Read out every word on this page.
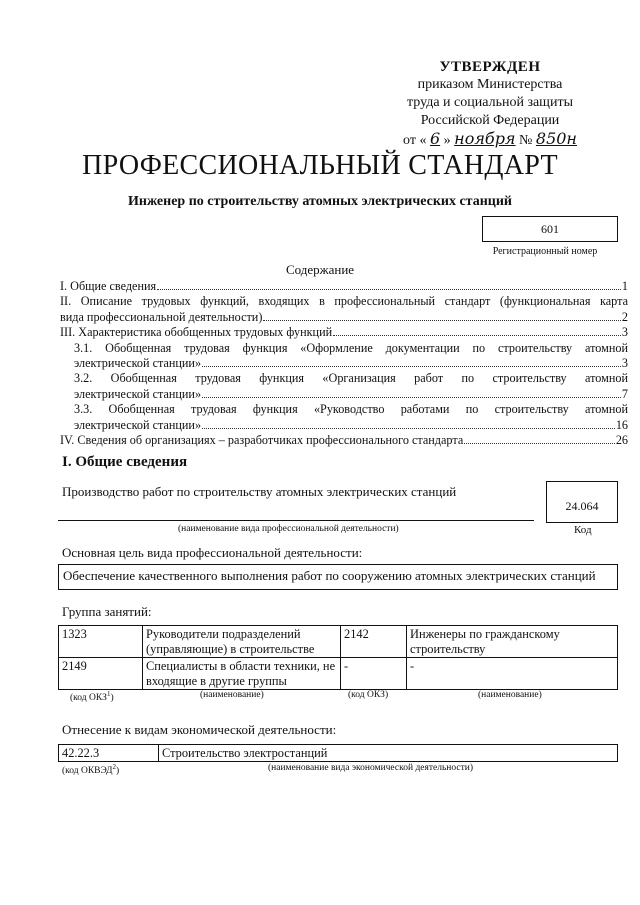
УТВЕРЖДЕН
приказом Министерства
труда и социальной защиты
Российской Федерации
от « 6 » ноября № 850н
ПРОФЕССИОНАЛЬНЫЙ СТАНДАРТ
Инженер по строительству атомных электрических станций
601
Регистрационный номер
Содержание
I. Общие сведения	1
II. Описание трудовых функций, входящих в профессиональный стандарт (функциональная карта
вида профессиональной деятельности)	2
III. Характеристика обобщенных трудовых функций	3
3.1. Обобщенная трудовая функция «Оформление документации по строительству атомной
электрической станции»	3
3.2. Обобщенная трудовая функция «Организация работ по строительству атомной
электрической станции»	7
3.3. Обобщенная трудовая функция «Руководство работами по строительству атомной
электрической станции»	16
IV. Сведения об организациях – разработчиках профессионального стандарта	26
I. Общие сведения
Производство работ по строительству атомных электрических станций
24.064
(наименование вида профессиональной деятельности)	Код
Основная цель вида профессиональной деятельности:
Обеспечение качественного выполнения работ по сооружению атомных электрических станций
Группа занятий:
1323	Руководители подразделений (управляющие) в строительстве	2142	Инженеры по гражданскому строительству
2149	Специалисты в области техники, не входящие в другие группы	-	-
(код ОКЗ$^1$)	(наименование)	(код ОКЗ)	(наименование)
Отнесение к видам экономической деятельности:
42.22.3	Строительство электростанций
(код ОКВЭД$^2$)	(наименование вида экономической деятельности)
